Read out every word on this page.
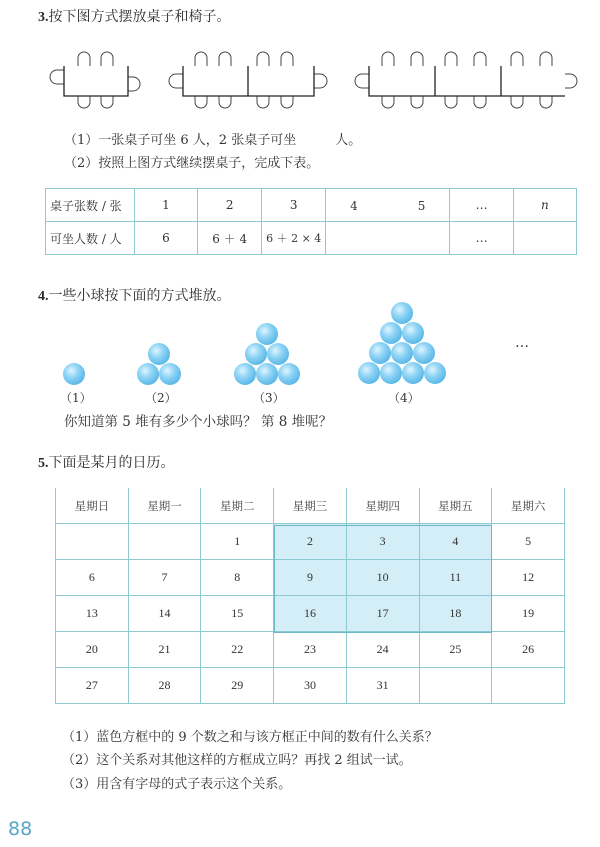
3.按下图方式摆放桌子和椅子。
（1）一张桌子可坐 6 人，2 张桌子可坐　　　人。
（2）按照上图方式继续摆桌子，完成下表。
桌子张数 / 张	1	2	3	4　　　　　5	…	n
可坐人数 / 人	6	6 ＋ 4	6 ＋ 2 × 4		…	
4.一些小球按下面的方式堆放。
（1）	（2）	（3）	（4）
…
你知道第 5 堆有多少个小球吗？ 第 8 堆呢？
5.下面是某月的日历。
星期日	星期一	星期二	星期三	星期四	星期五	星期六
		1	2	3	4	5
6	7	8	9	10	11	12
13	14	15	16	17	18	19
20	21	22	23	24	25	26
27	28	29	30	31		
（1）蓝色方框中的 9 个数之和与该方框正中间的数有什么关系？
（2）这个关系对其他这样的方框成立吗？再找 2 组试一试。
（3）用含有字母的式子表示这个关系。
88
